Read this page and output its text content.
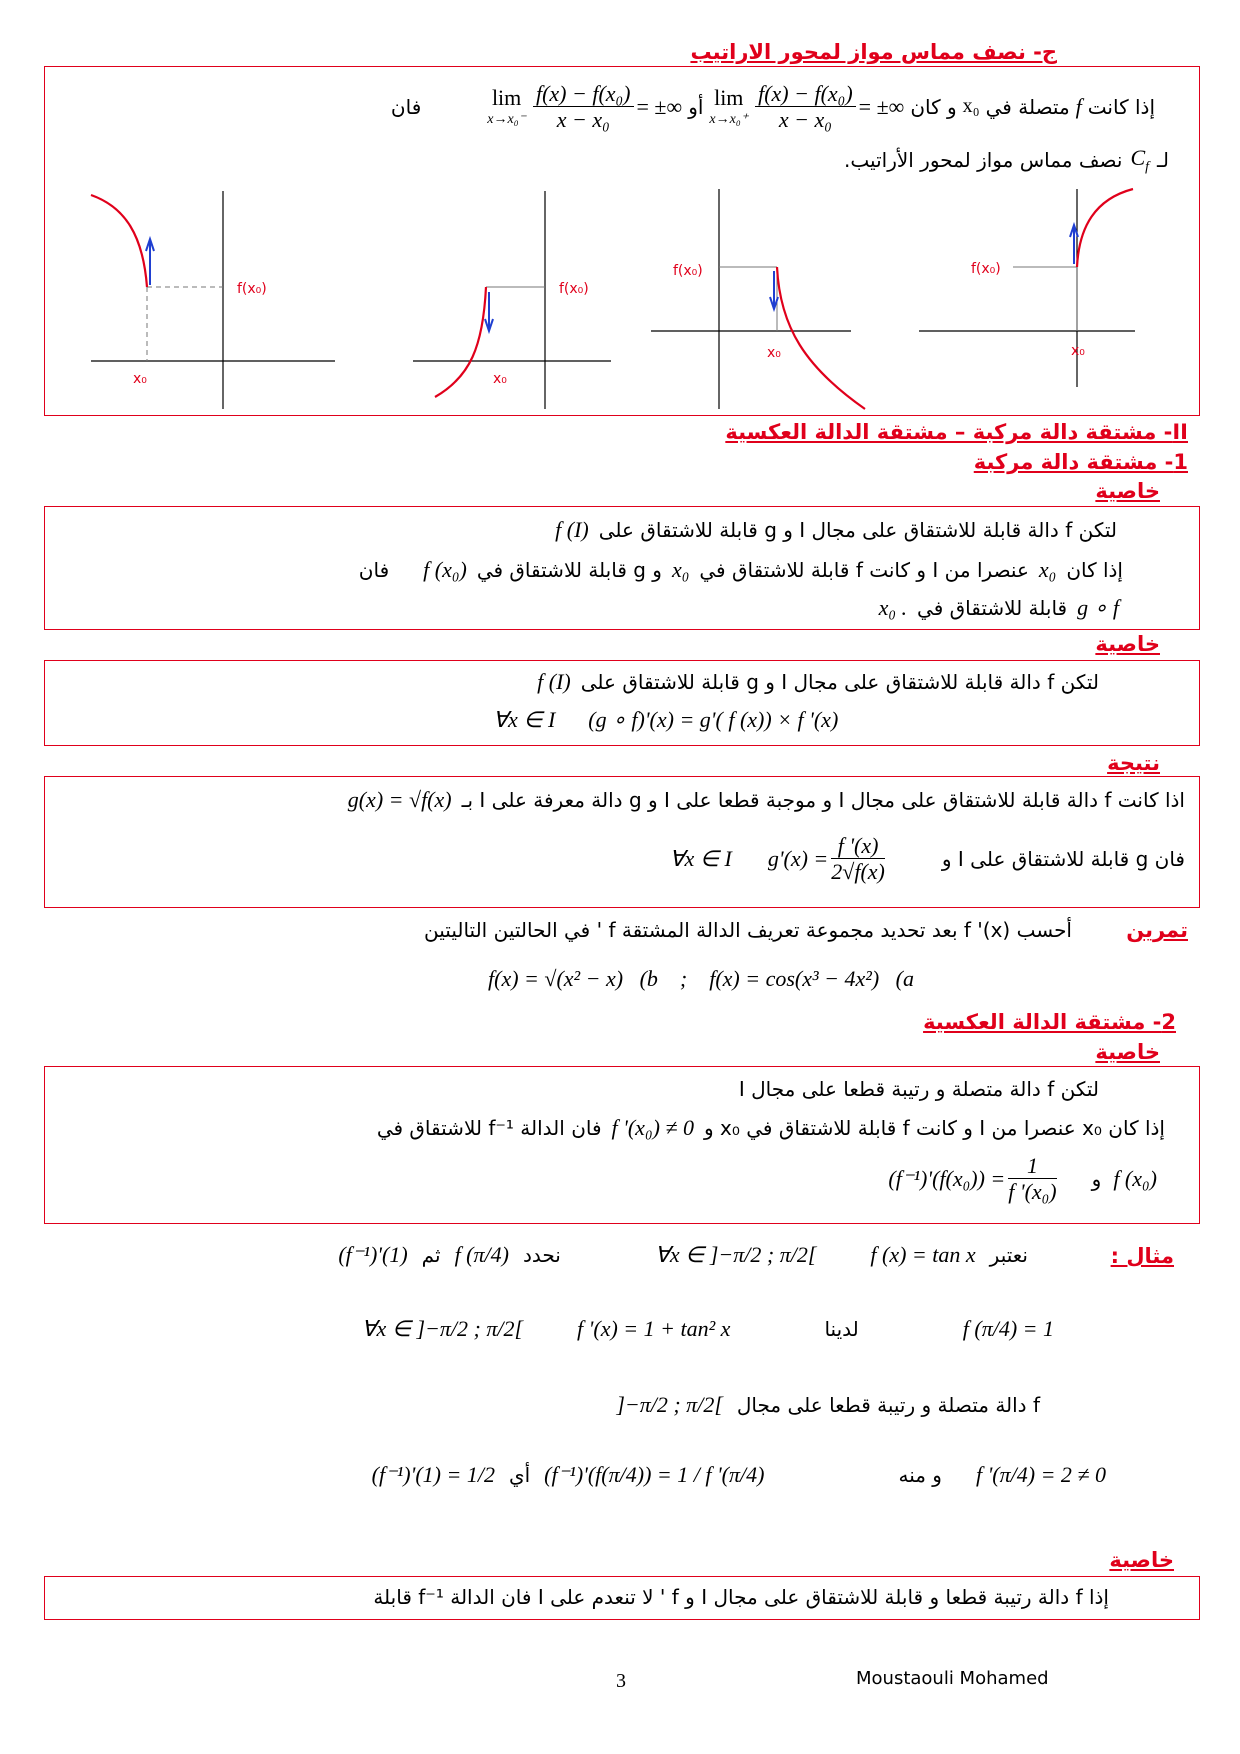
ج- نصف مماس مواز لمحور الاراتيب
إذا كانت
f
متصلة في
x₀
و كان
lim
$x\to x_0^+ \frac{\text{f(x) − f(x₀)}}{\text{x − x₀}}$ = ±∞
أو
lim
$x\to x_0^- \frac{\text{f(x) − f(x₀)}}{\text{x − x₀}}$ = ±∞
فان
لـ
$C_f$
نصف مماس مواز لمحور الأراتيب.
f(x₀)
x₀
f(x₀)
x₀
f(x₀)
x₀
f(x₀)
x₀
II- مشتقة دالة مركبة – مشتقة الدالة العكسية
1- مشتقة دالة مركبة
خاصية
لتكن f دالة قابلة للاشتقاق على مجال I و g قابلة للاشتقاق على
f (I)
إذا كان
x₀
عنصرا من I و كانت f قابلة للاشتقاق في
x₀
و g قابلة للاشتقاق في
f (x₀)
فان
g ∘ f
قابلة للاشتقاق في
x₀ .
خاصية
لتكن f دالة قابلة للاشتقاق على مجال I و g قابلة للاشتقاق على
f (I)
∀x ∈ I      (g ∘ f)'(x) = g'( f (x)) × f '(x)
نتيجة
اذا كانت f دالة قابلة للاشتقاق على مجال I و موجبة قطعا على I و g دالة معرفة على I بـ
g(x) = √f(x)
فان g قابلة للاشتقاق على I و
∀x ∈ I $g'(x) = \frac{f '(x)}{2√f(x)}$
تمرين
أحسب f '(x) بعد تحديد مجموعة تعريف الدالة المشتقة f ' في الحالتين التاليتين
f(x) = √(x² − x)   (b    ;    f(x) = cos(x³ − 4x²)   (a
2- مشتقة الدالة العكسية
خاصية
لتكن f دالة متصلة و رتيبة قطعا على مجال I
إذا كان x₀ عنصرا من I و كانت f قابلة للاشتقاق في x₀ و
f '(x₀) ≠ 0
فان الدالة f⁻¹ للاشتقاق في
f (x₀)
و
$(f^{-1})'(f(x_0)) = \frac{1}{\text{f '(x₀)}}$
مثال :
نعتبر
f (x) = tan x
∀x ∈ ]−π/2 ; π/2[
نحدد
f (π/4)
ثم
(f⁻¹)'(1)
f (π/4) = 1
لدينا
f '(x) = 1 + tan² x
∀x ∈ ]−π/2 ; π/2[
f دالة متصلة و رتيبة قطعا على مجال
]−π/2 ; π/2[
f '(π/4) = 2 ≠ 0
و منه
(f⁻¹)'(f(π/4)) = 1 / f '(π/4)
أي
(f⁻¹)'(1) = 1/2
خاصية
إذا f دالة رتيبة قطعا و قابلة للاشتقاق على مجال I و f ' لا تنعدم على I فان الدالة f⁻¹ قابلة
3	Moustaouli Mohamed
